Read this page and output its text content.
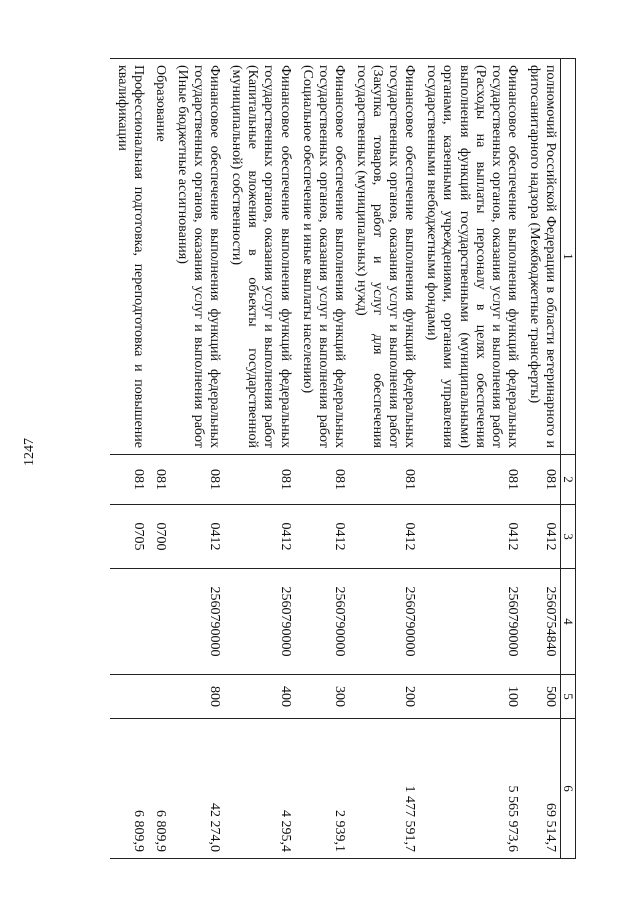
1247
1	2	3	4	5	6
полномочий Российской Федерации в области ветеринарного и фитосанитарного надзора (Межбюджетные трансферты)	081	0412	2560754840	500	69 514,7
Финансовое обеспечение выполнения функций федеральных государственных органов, оказания услуг и выполнения работ (Расходы на выплаты персоналу в целях обеспечения выполнения функций государственными (муниципальными) органами, казенными учреждениями, органами управления государственными внебюджетными фондами)	081	0412	2560790000	100	5 565 973,6
Финансовое обеспечение выполнения функций федеральных государственных органов, оказания услуг и выполнения работ (Закупка товаров, работ и услуг для обеспечения государственных (муниципальных) нужд)	081	0412	2560790000	200	1 477 591,7
Финансовое обеспечение выполнения функций федеральных государственных органов, оказания услуг и выполнения работ (Социальное обеспечение и иные выплаты населению)	081	0412	2560790000	300	2 939,1
Финансовое обеспечение выполнения функций федеральных государственных органов, оказания услуг и выполнения работ (Капитальные вложения в объекты государственной (муниципальной) собственности)	081	0412	2560790000	400	4 295,4
Финансовое обеспечение выполнения функций федеральных государственных органов, оказания услуг и выполнения работ (Иные бюджетные ассигнования)	081	0412	2560790000	800	42 274,0
Образование	081	0700			6 809,9
Профессиональная подготовка, переподготовка и повышение квалификации	081	0705			6 809,9
